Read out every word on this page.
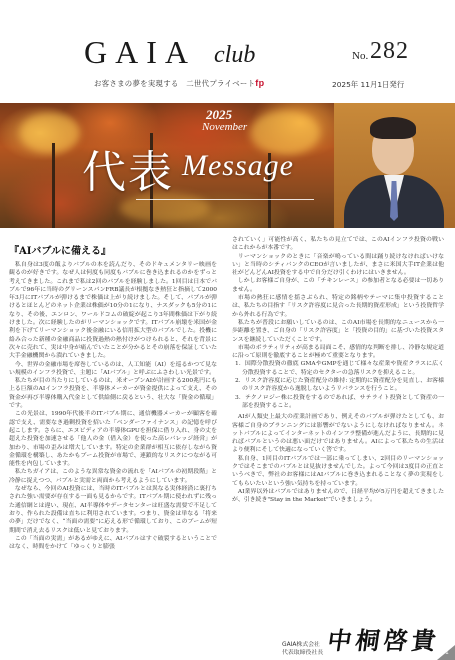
GAIA club	No. 282
お客さまの夢を実現する　二世代プライベートfp	2025年 11月1日発行
2025
November
代表 Message
『AIバブルに備える』

私自身は3度の飯よりバブルの本を読んだり、そのドキュメンタリー映画を観るのが好きです。なぜ人は何度も同度もバブルに巻き込まれるのかをずっと考えてきました。これまで私は2回のバブルを経験しました。1回目は日本でバブルで96年に当時のグリーンスパンFRB議長が根拠なき熱狂と指摘して2000年3月にITバブルが弾けるまで株価は上がり続けました。そして、バブルが弾けるとほとんどのネット企業は株価が10分の1になり、ナスダックも5分の1になり、その後、エンロン、ワールドコムの破綻が起こり3年間株価は下がり続けました。次に経験したのがリーマンショックです。ITバブル崩壊を米国が金利を下げてリーマンショック後金融にいる信用拡大型のバブルでした。投機に絡み合った新種の金融商品に投資過熱の熱付けがつけられると、それを背景に次々に売れて、実は中身が痛んでいたことが分かるとその崩落を保証していた大手金融機関から潰れていきました。

今、世界の金融市場を席巻しているのは、人工知能（AI）を巡るかつて見ない規模のインフラ投資で、主題に「AIバブル」と呼ぶにふさわしい光景です。

私たちが目の当たりにしているのは、米オープンAIが計画する200兆円にも上る巨額のAIインフラ投資を、半導体メーカーが資金提供によって支え、その資金が再び半導体購入代金として供給側に戻るという、壮大な「資金の循環」です。

この光景は、1990年代後半のITバブル期に、通信機器メーカーが顧客を確認で支え、需要なき過剰投資を招いた「ベンダーファイナンス」の記憶を呼び起こします。さらに、エヌビディアの半導体GPUを担保に借り入れ、身の丈を超えた投資を加速させる「他人の金（借入金）を使った高レバレッジ経営」が加わり、市場の歪みは増大しています。特定の企業群が相互に依存しながら資金循環を構築し、あたかもブーム投資が市場で、連鎖的なリスクにつながる可能性を内包しています。

私たちガイアは、このような異常な資金の流れを「AIバブルの初期段階」と冷静に捉えつつ、バブルと実需と両面から考えるようにしています。

なぜなら、今回のAI投資には、当時のITバブルとは異なる実体経済に裏打ちされた強い需要が存在する一面も見るからです。ITバブル期に使われずに残った通信網とは違い、現在、AI半導体やデータセンターは旺盛な需要で不足しており、作られた設備は直ちに利用されています。つまり、資金は単なる「将来の夢」だけでなく、“当面の需要”に応える形で循環しており、このブームが短期間で消え去るリスクは低いと見ております。

この「当面の実需」があるがゆえに、AIバブルはすぐ破裂するということではなく、時間をかけて「ゆっくりと膨張

されていく」可能性が高く、私たちの見立てでは、このAIインフラ投資の戦いはこれからが本番です。

リーマンショックのときに「音楽が鳴っている間は踊り続けなければいけない」と当時のシティバンクのCEOが言いましたが、まさに米国大手IT企業は他社がどんどんAI投資をする中で自分だけ引くわけにはいきません。

しかしお客様ご自身が、この「チキンレース」の参加者となる必要は一切ありません。

市場の熱狂に感情を揺さぶられ、特定の銘柄やテーマに集中投資することは、私たちの目指す「リスク許容度に見合った長期的資産形成」という投資哲学から外れる行為です。

私たちが普段にお願いしているのは、このAI市場を長期的なニュースから一歩距離を置き、ご自身の「リスク許容度」と「投資の目的」に基づいた投資スタンスを継続していただくことです。

市場のボラティリティが高まる局面こそ、感情的な判断を排し、冷静な規定道に沿って原則を徹底することが極めて重要となります。

1．国際分散投資の徹底 GMAやGMPを通じて様々な産業や資産クラスに広く分散投資することで、特定のセクターの急落リスクを抑えること。
2．リスク許容度に応じた資産配分の維持: 定期的に資産配分を見直し、お客様のリスク許容度から逸脱しないようリバランスを行うこと。
3．テクノロジー株に投資をするのであれば、サテライト投資として資産の一部を投資すること。

AIが人類史上最大の産業計画であり、例えそのバブルが弾けたとしても、お客様ご自身のプランニングには影響がでないようにしなければなりません。ネットバブルによってインターネットのインフラ整備が進んだように、長期的に見ればバブルというのは悪い面だけではありません。AIによって私たちの生活はより便利にそして快適になっていく筈です。

私自身、1回目のITバブルでは一部に乗ってしまい、2回目のリーマンショックではそこまでのバブルとは見抜けませんでした。よって今回は3度目の正直というべきで、弊社のお客様にはAIバブルに巻き込まれることなく夢の実現をしてもらいたいという強い気持ちを持っています。

AI業界以外はバブルではありませんので、日経平均が5万円を超えてきましたが、引き続き"Stay in the Market"でいきましょう。

GAIA株式会社
代表取締役社長 中桐啓貴 1
